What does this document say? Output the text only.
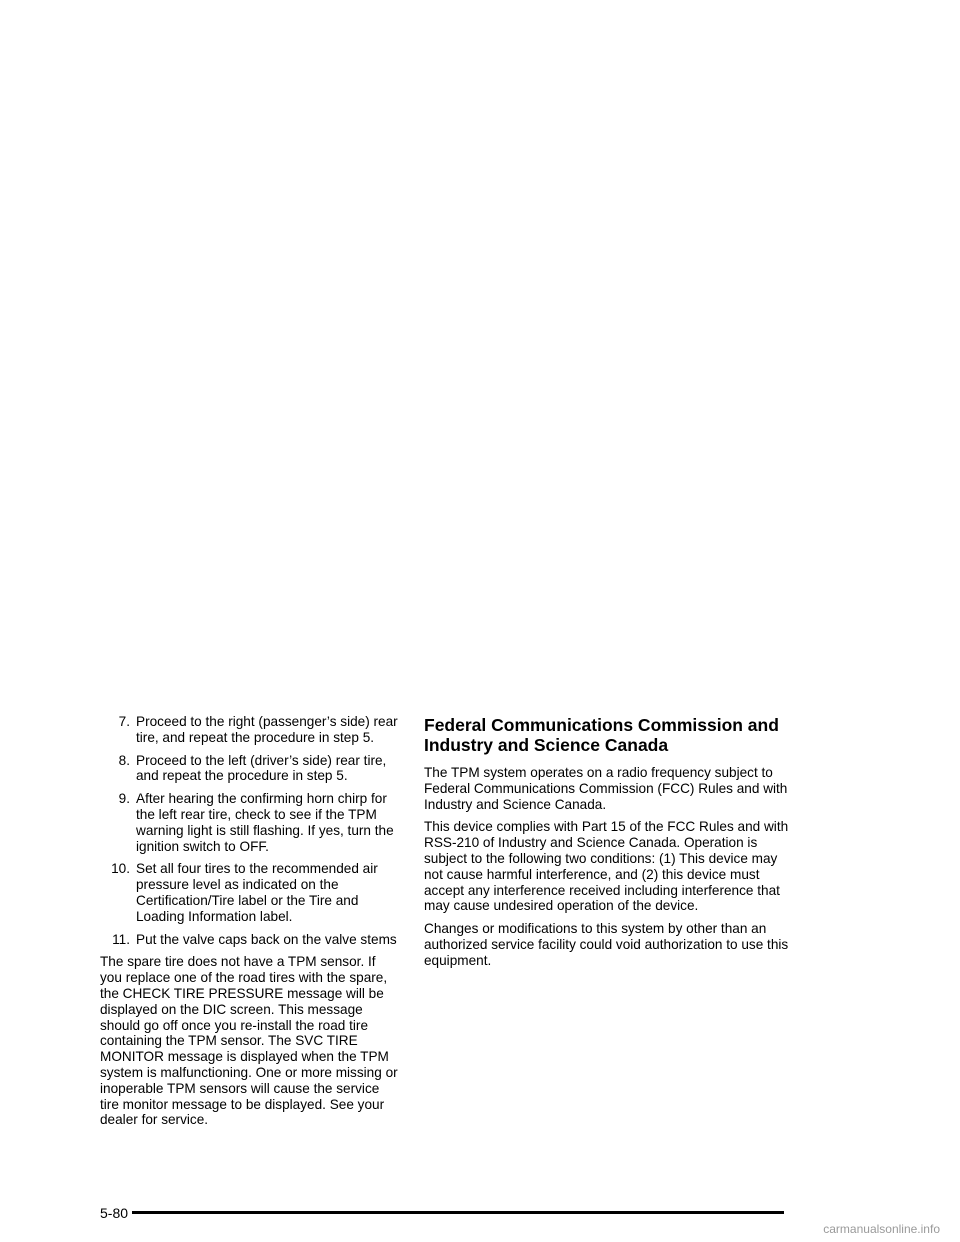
7. Proceed to the right (passenger’s side) rear tire, and repeat the procedure in step 5.
8. Proceed to the left (driver’s side) rear tire, and repeat the procedure in step 5.
9. After hearing the confirming horn chirp for the left rear tire, check to see if the TPM warning light is still flashing. If yes, turn the ignition switch to OFF.
10. Set all four tires to the recommended air pressure level as indicated on the Certification/Tire label or the Tire and Loading Information label.
11. Put the valve caps back on the valve stems

The spare tire does not have a TPM sensor. If you replace one of the road tires with the spare, the CHECK TIRE PRESSURE message will be displayed on the DIC screen. This message should go off once you re-install the road tire containing the TPM sensor. The SVC TIRE MONITOR message is displayed when the TPM system is malfunctioning. One or more missing or inoperable TPM sensors will cause the service tire monitor message to be displayed. See your dealer for service.

Federal Communications Commission and Industry and Science Canada

The TPM system operates on a radio frequency subject to Federal Communications Commission (FCC) Rules and with Industry and Science Canada.

This device complies with Part 15 of the FCC Rules and with RSS-210 of Industry and Science Canada. Operation is subject to the following two conditions: (1) This device may not cause harmful interference, and (2) this device must accept any interference received including interference that may cause undesired operation of the device.

Changes or modifications to this system by other than an authorized service facility could void authorization to use this equipment.

5-80
carmanualsonline.info
